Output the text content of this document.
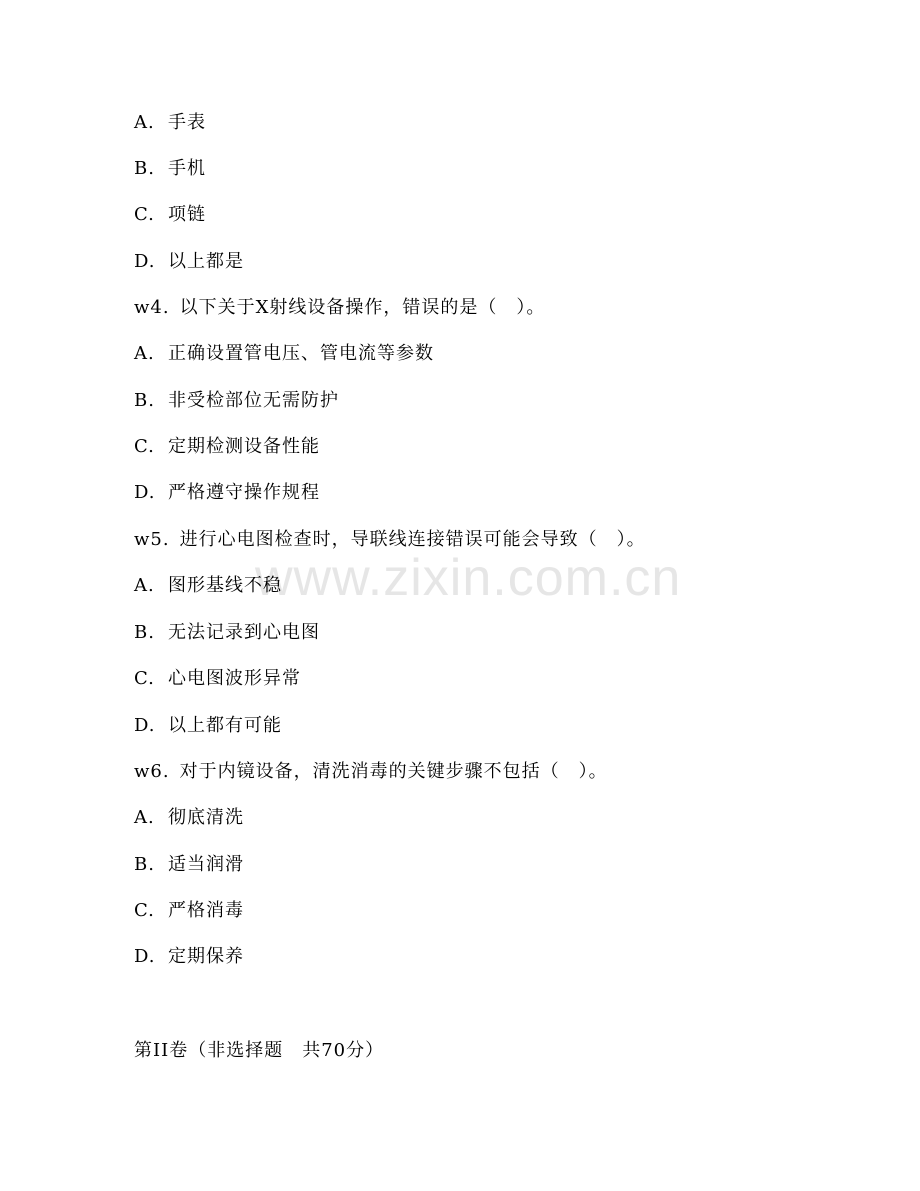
www.zixin.com.cn
A. 手表
B. 手机
C. 项链
D. 以上都是
w4. 以下关于X射线设备操作，错误的是（　）。
A. 正确设置管电压、管电流等参数
B. 非受检部位无需防护
C. 定期检测设备性能
D. 严格遵守操作规程
w5. 进行心电图检查时，导联线连接错误可能会导致（　）。
A. 图形基线不稳
B. 无法记录到心电图
C. 心电图波形异常
D. 以上都有可能
w6. 对于内镜设备，清洗消毒的关键步骤不包括（　）。
A. 彻底清洗
B. 适当润滑
C. 严格消毒
D. 定期保养
第II卷（非选择题　共70分）
